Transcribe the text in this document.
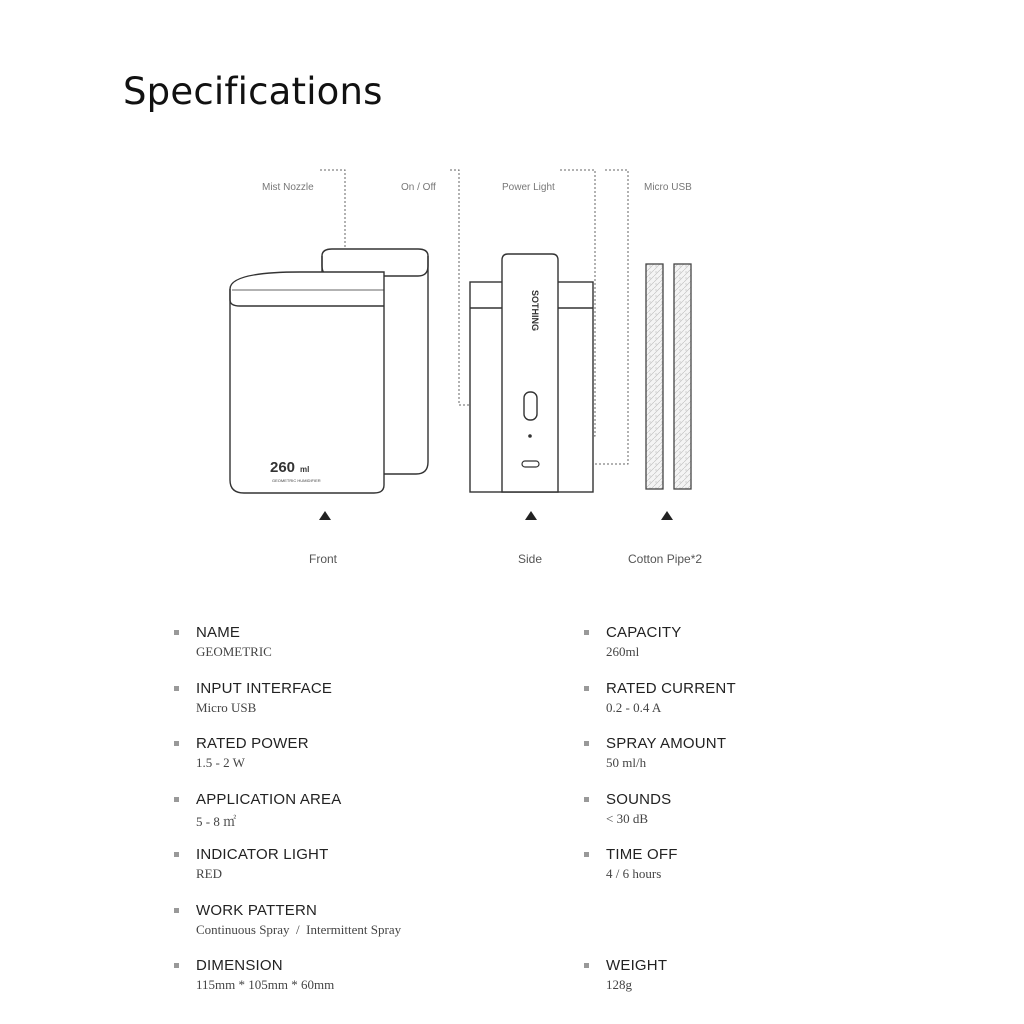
Specifications
Mist Nozzle	On / Off	Power Light	Micro USB
260 ml
GEOMETRIC HUMIDIFIER
SOTHING
Front	Side	Cotton Pipe*2
NAME
GEOMETRIC
INPUT INTERFACE
Micro USB
RATED POWER
1.5 - 2 W
APPLICATION AREA
5 - 8 ㎡
INDICATOR LIGHT
RED
WORK PATTERN
Continuous Spray  /  Intermittent Spray
DIMENSION
115mm * 105mm * 60mm
CAPACITY
260ml
RATED CURRENT
0.2 - 0.4 A
SPRAY AMOUNT
50 ml/h
SOUNDS
< 30 dB
TIME OFF
4 / 6 hours
WEIGHT
128g
